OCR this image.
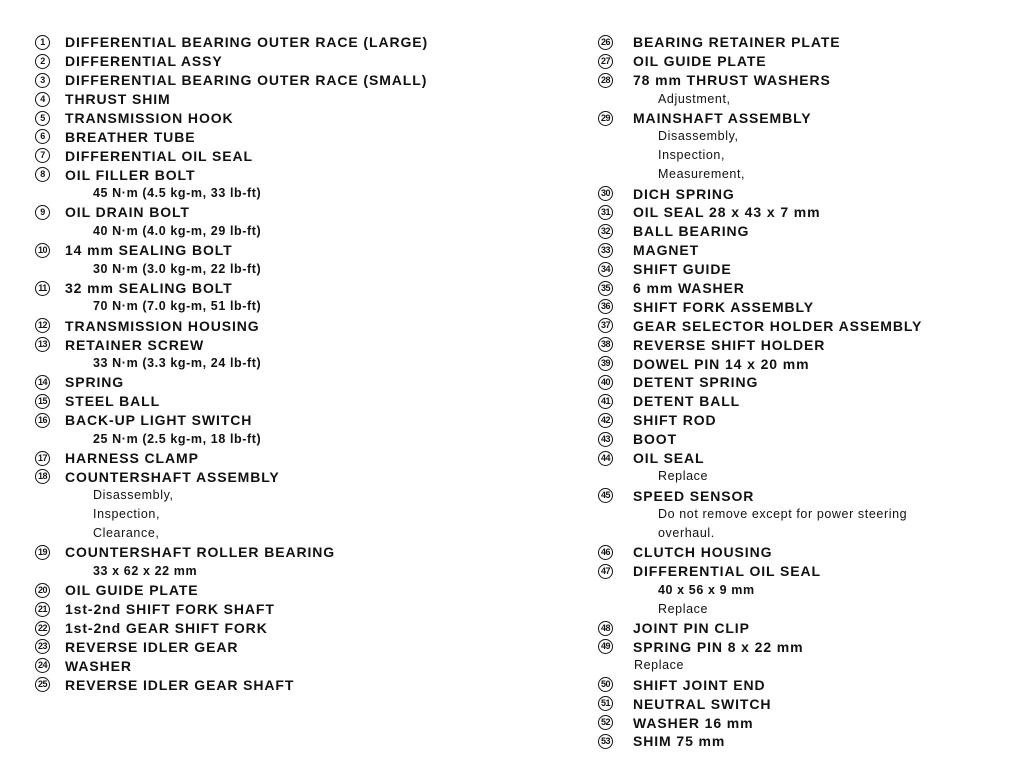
1	DIFFERENTIAL BEARING OUTER RACE (LARGE)
2	DIFFERENTIAL ASSY
3	DIFFERENTIAL BEARING OUTER RACE (SMALL)
4	THRUST SHIM
5	TRANSMISSION HOOK
6	BREATHER TUBE
7	DIFFERENTIAL OIL SEAL
8	OIL FILLER BOLT
45 N·m (4.5 kg-m, 33 lb-ft)
9	OIL DRAIN BOLT
40 N·m (4.0 kg-m, 29 lb-ft)
10 14 mm SEALING BOLT
30 N·m (3.0 kg-m, 22 lb-ft)
11 32 mm SEALING BOLT
70 N·m (7.0 kg-m, 51 lb-ft)
12 TRANSMISSION HOUSING
13 RETAINER SCREW
33 N·m (3.3 kg-m, 24 lb-ft)
14 SPRING
15 STEEL BALL
16 BACK-UP LIGHT SWITCH
25 N·m (2.5 kg-m, 18 lb-ft)
17 HARNESS CLAMP
18 COUNTERSHAFT ASSEMBLY
Disassembly,
Inspection,
Clearance,
19 COUNTERSHAFT ROLLER BEARING
33 x 62 x 22 mm
20 OIL GUIDE PLATE
21 1st-2nd SHIFT FORK SHAFT
22 1st-2nd GEAR SHIFT FORK
23 REVERSE IDLER GEAR
24 WASHER
25 REVERSE IDLER GEAR SHAFT
26 BEARING RETAINER PLATE
27 OIL GUIDE PLATE
28 78 mm THRUST WASHERS
Adjustment,
29 MAINSHAFT ASSEMBLY
Disassembly,
Inspection,
Measurement,
30 DICH SPRING
31 OIL SEAL 28 x 43 x 7 mm
32 BALL BEARING
33 MAGNET
34 SHIFT GUIDE
35 6 mm WASHER
36 SHIFT FORK ASSEMBLY
37 GEAR SELECTOR HOLDER ASSEMBLY
38 REVERSE SHIFT HOLDER
39 DOWEL PIN 14 x 20 mm
40 DETENT SPRING
41 DETENT BALL
42 SHIFT ROD
43 BOOT
44 OIL SEAL
Replace
45 SPEED SENSOR
Do not remove except for power steering
overhaul.
46 CLUTCH HOUSING
47 DIFFERENTIAL OIL SEAL
40 x 56 x 9 mm
Replace
48 JOINT PIN CLIP
49 SPRING PIN 8 x 22 mm
Replace
50 SHIFT JOINT END
51 NEUTRAL SWITCH
52 WASHER 16 mm
53 SHIM 75 mm
